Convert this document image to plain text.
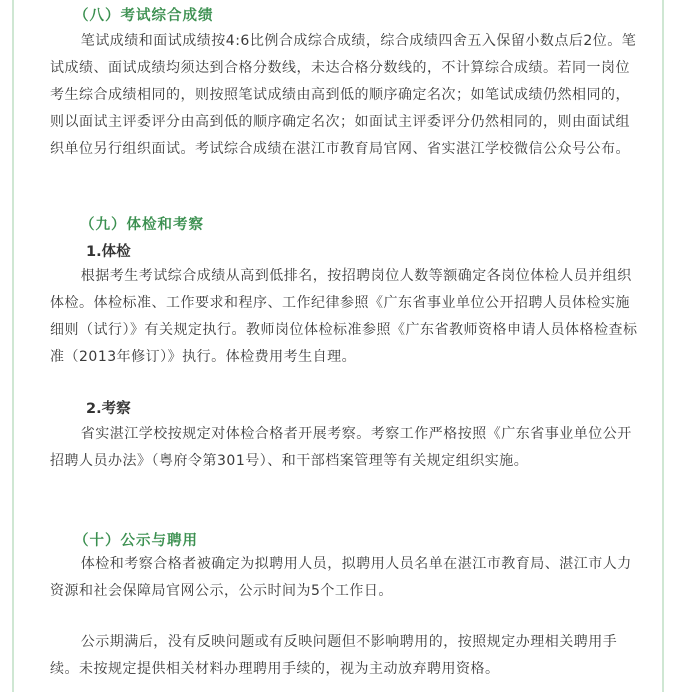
（八）考试综合成绩

笔试成绩和面试成绩按4:6比例合成综合成绩，综合成绩四舍五入保留小数点后2位。笔试成绩、面试成绩均须达到合格分数线，未达合格分数线的，不计算综合成绩。若同一岗位考生综合成绩相同的，则按照笔试成绩由高到低的顺序确定名次；如笔试成绩仍然相同的，则以面试主评委评分由高到低的顺序确定名次；如面试主评委评分仍然相同的，则由面试组织单位另行组织面试。考试综合成绩在湛江市教育局官网、省实湛江学校微信公众号公布。

（九）体检和考察
1.体检

根据考生考试综合成绩从高到低排名，按招聘岗位人数等额确定各岗位体检人员并组织体检。体检标准、工作要求和程序、工作纪律参照《广东省事业单位公开招聘人员体检实施细则（试行）》有关规定执行。教师岗位体检标准参照《广东省教师资格申请人员体格检查标准（2013年修订）》执行。体检费用考生自理。

2.考察

省实湛江学校按规定对体检合格者开展考察。考察工作严格按照《广东省事业单位公开招聘人员办法》（粤府令第301号）、和干部档案管理等有关规定组织实施。

（十）公示与聘用

体检和考察合格者被确定为拟聘用人员，拟聘用人员名单在湛江市教育局、湛江市人力资源和社会保障局官网公示，公示时间为5个工作日。

公示期满后，没有反映问题或有反映问题但不影响聘用的，按照规定办理相关聘用手续。未按规定提供相关材料办理聘用手续的，视为主动放弃聘用资格。
